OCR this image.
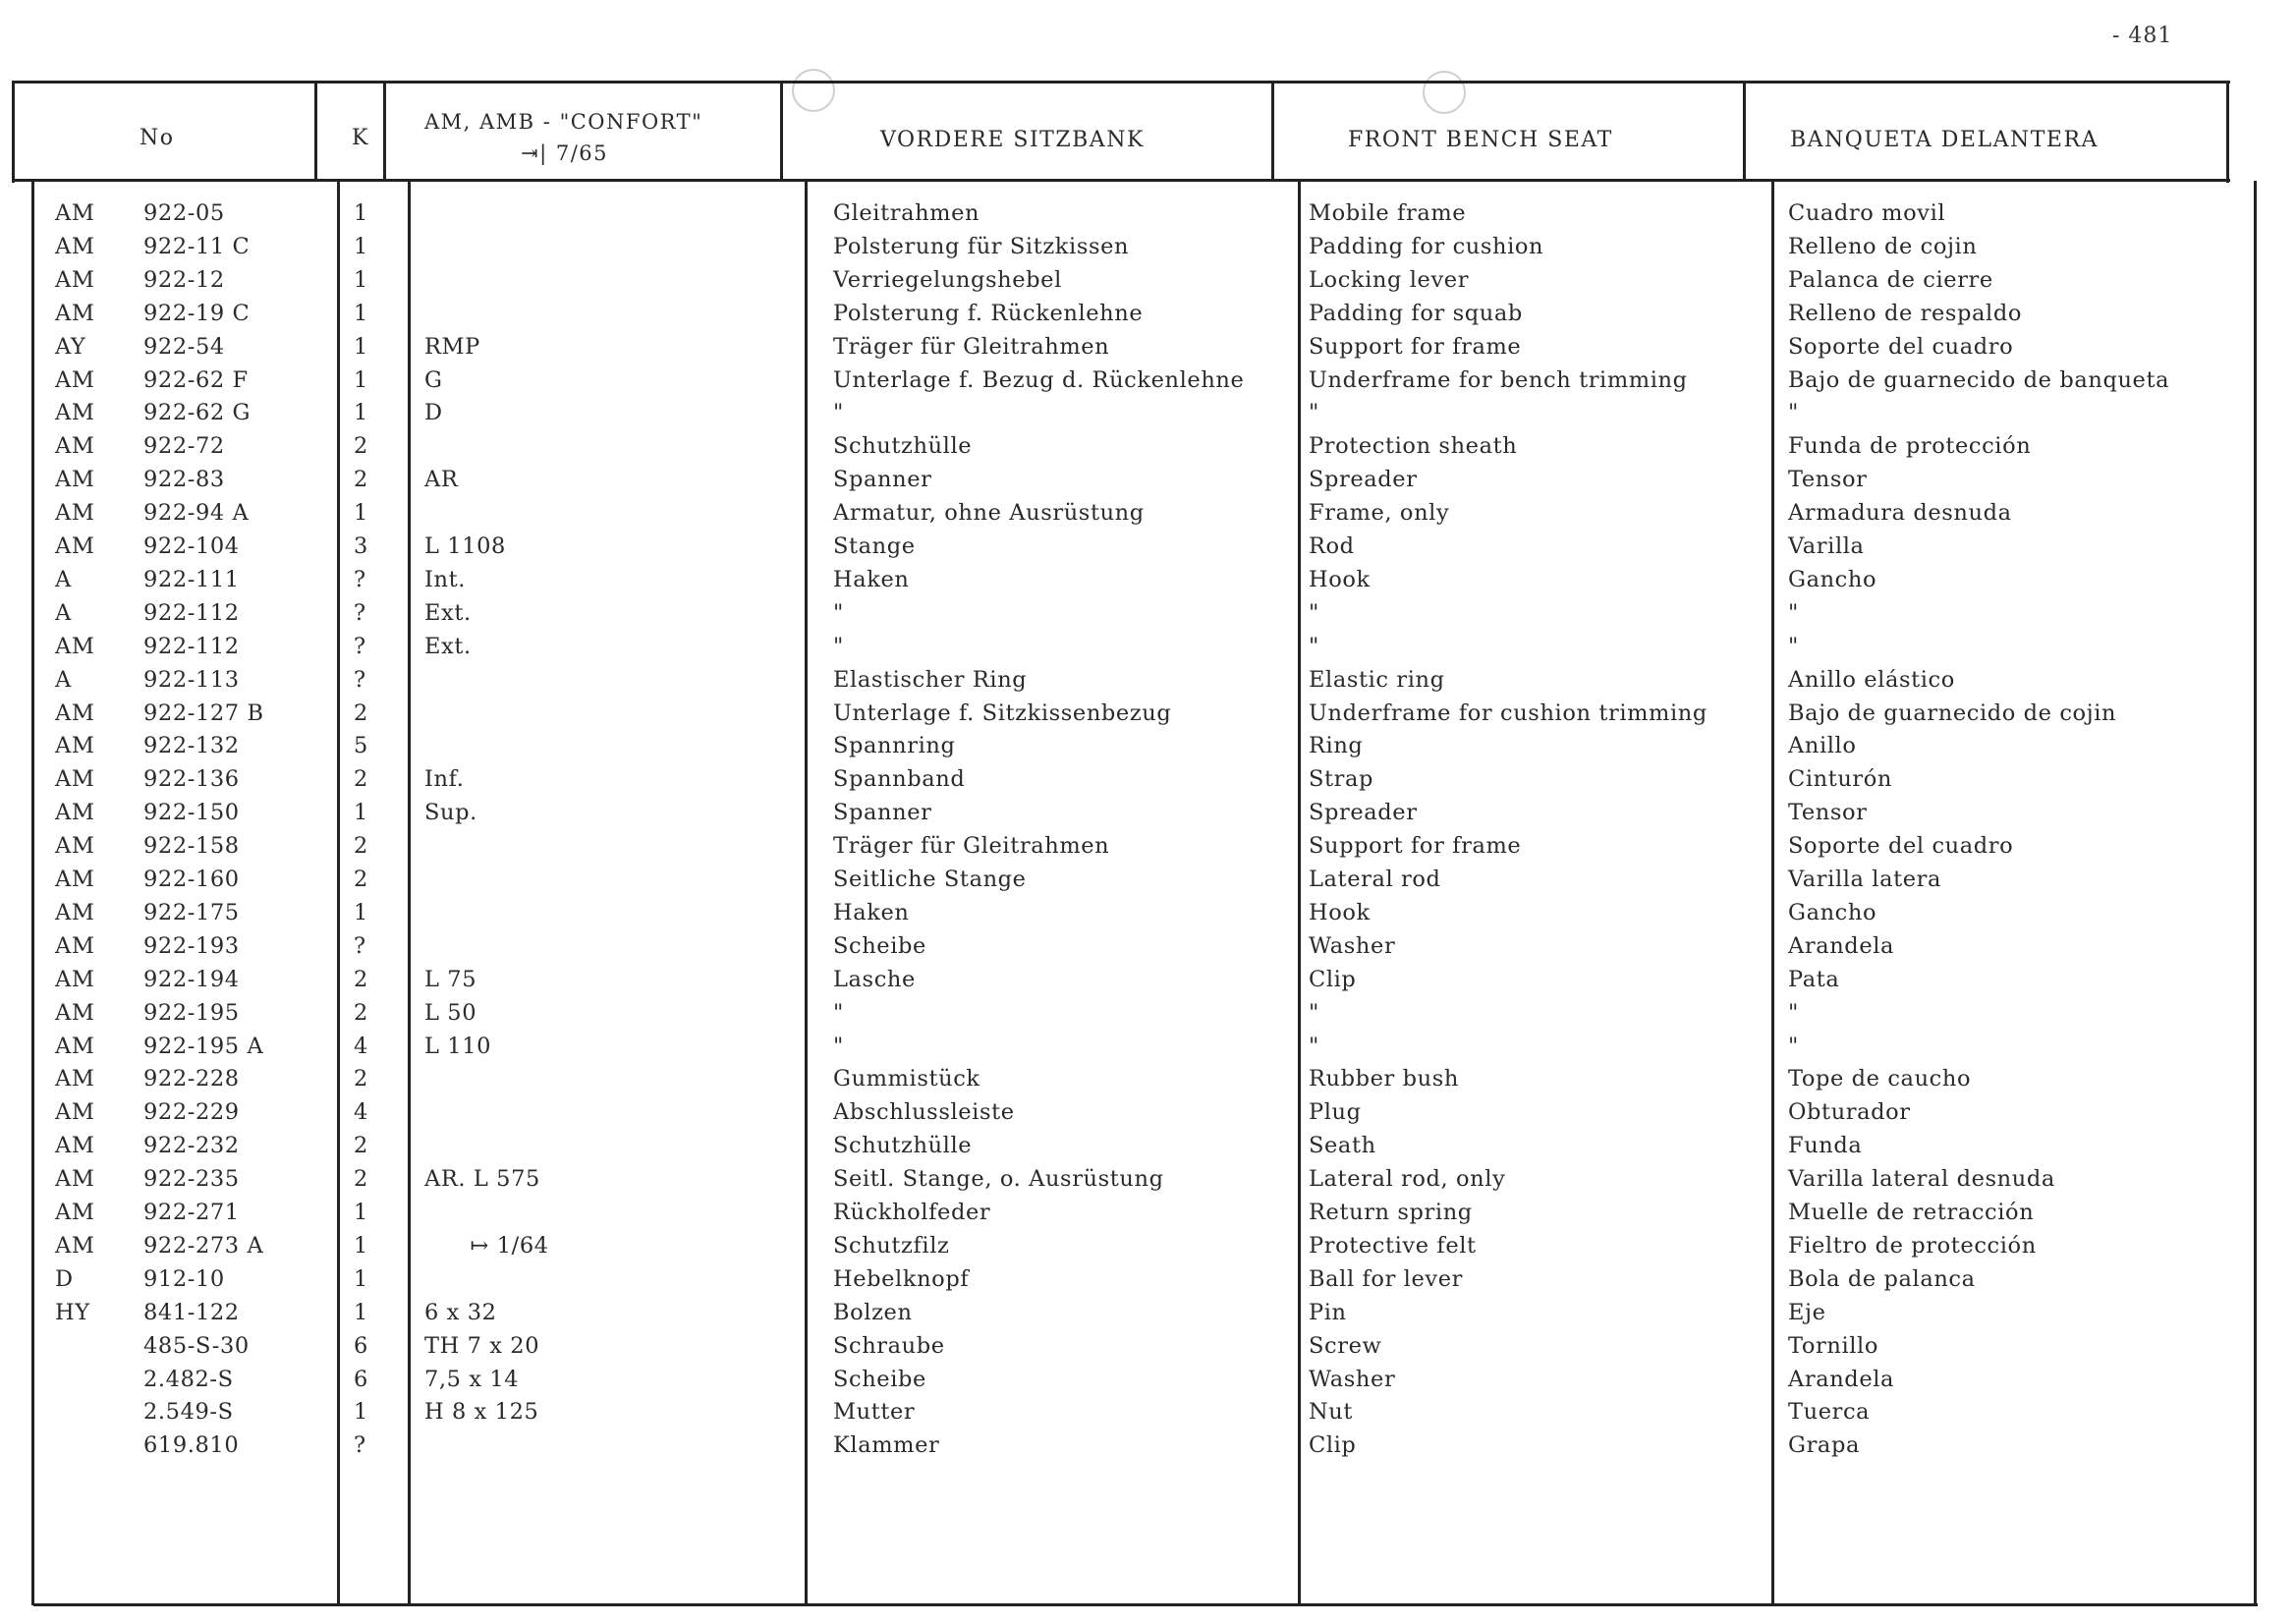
- 481
No	K
AM, AMB - "CONFORT"
⇥| 7/65
VORDERE SITZBANK	FRONT BENCH SEAT	BANQUETA DELANTERA
AM 922-05	1	Gleitrahmen	Mobile frame	Cuadro movil
AM 922-11 C	1	Polsterung für Sitzkissen	Padding for cushion	Relleno de cojin
AM 922-12	1	Verriegelungshebel	Locking lever	Palanca de cierre
AM 922-19 C	1	Polsterung f. Rückenlehne	Padding for squab	Relleno de respaldo
AY	922-54	1	RMP	Träger für Gleitrahmen	Support for frame	Soporte del cuadro
AM 922-62 F	1	G	Unterlage f. Bezug d. Rückenlehne	Underframe for bench trimming	Bajo de guarnecido de banqueta
AM 922-62 G	1	D	"	"	"
AM 922-72	2	Schutzhülle	Protection sheath	Funda de protección
AM 922-83	2	AR	Spanner	Spreader	Tensor
AM 922-94 A	1	Armatur, ohne Ausrüstung	Frame, only	Armadura desnuda
AM 922-104	3	L 1108	Stange	Rod	Varilla
A	922-111	?	Int.	Haken	Hook	Gancho
A	922-112	?	Ext.	"	"	"
AM 922-112	?	Ext.	"	"	"
A	922-113	?	Elastischer Ring	Elastic ring	Anillo elástico
AM 922-127 B	2	Unterlage f. Sitzkissenbezug	Underframe for cushion trimming	Bajo de guarnecido de cojin
AM 922-132	5	Spannring	Ring	Anillo
AM 922-136	2	Inf.	Spannband	Strap	Cinturón
AM 922-150	1	Sup.	Spanner	Spreader	Tensor
AM 922-158	2	Träger für Gleitrahmen	Support for frame	Soporte del cuadro
AM 922-160	2	Seitliche Stange	Lateral rod	Varilla latera
AM 922-175	1	Haken	Hook	Gancho
AM 922-193	?	Scheibe	Washer	Arandela
AM 922-194	2	L 75	Lasche	Clip	Pata
AM 922-195	2	L 50	"	"	"
AM 922-195 A	4	L 110	"	"	"
AM 922-228	2	Gummistück	Rubber bush	Tope de caucho
AM 922-229	4	Abschlussleiste	Plug	Obturador
AM 922-232	2	Schutzhülle	Seath	Funda
AM 922-235	2	AR. L 575	Seitl. Stange, o. Ausrüstung	Lateral rod, only	Varilla lateral desnuda
AM 922-271	1	Rückholfeder	Return spring	Muelle de retracción
AM 922-273 A	1	↦ 1/64	Schutzfilz	Protective felt	Fieltro de protección
D	912-10	1	Hebelknopf	Ball for lever	Bola de palanca
HY 841-122	1	6 x 32	Bolzen	Pin	Eje
485-S-30	6	TH 7 x 20	Schraube	Screw	Tornillo
2.482-S	6	7,5 x 14	Scheibe	Washer	Arandela
2.549-S	1	H 8 x 125	Mutter	Nut	Tuerca
619.810	?	Klammer	Clip	Grapa
